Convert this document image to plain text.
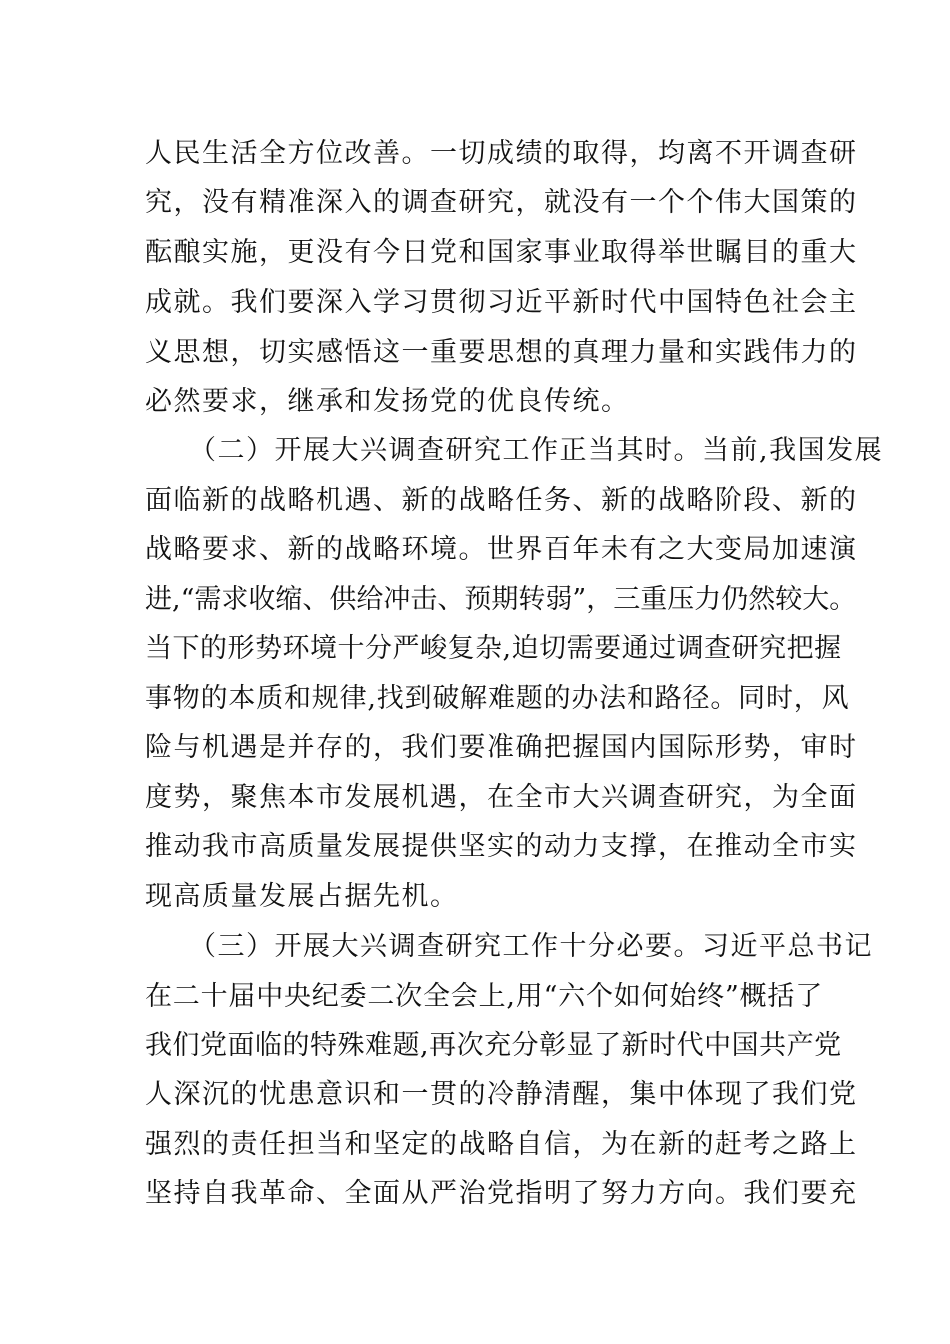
人民生活全方位改善。一切成绩的取得，均离不开调查研

究，没有精准深入的调查研究，就没有一个个伟大国策的

酝酿实施，更没有今日党和国家事业取得举世瞩目的重大

成就。我们要深入学习贯彻习近平新时代中国特色社会主

义思想，切实感悟这一重要思想的真理力量和实践伟力的

必然要求，继承和发扬党的优良传统。

（二）开展大兴调查研究工作正当其时。当前,我国发展

面临新的战略机遇、新的战略任务、新的战略阶段、新的

战略要求、新的战略环境。世界百年未有之大变局加速演

进,“需求收缩、供给冲击、预期转弱”，三重压力仍然较大。

当下的形势环境十分严峻复杂,迫切需要通过调查研究把握

事物的本质和规律,找到破解难题的办法和路径。同时，风

险与机遇是并存的，我们要准确把握国内国际形势，审时

度势，聚焦本市发展机遇，在全市大兴调查研究，为全面

推动我市高质量发展提供坚实的动力支撑，在推动全市实

现高质量发展占据先机。

（三）开展大兴调查研究工作十分必要。习近平总书记

在二十届中央纪委二次全会上,用“六个如何始终”概括了

我们党面临的特殊难题,再次充分彰显了新时代中国共产党

人深沉的忧患意识和一贯的冷静清醒，集中体现了我们党

强烈的责任担当和坚定的战略自信，为在新的赶考之路上

坚持自我革命、全面从严治党指明了努力方向。我们要充
